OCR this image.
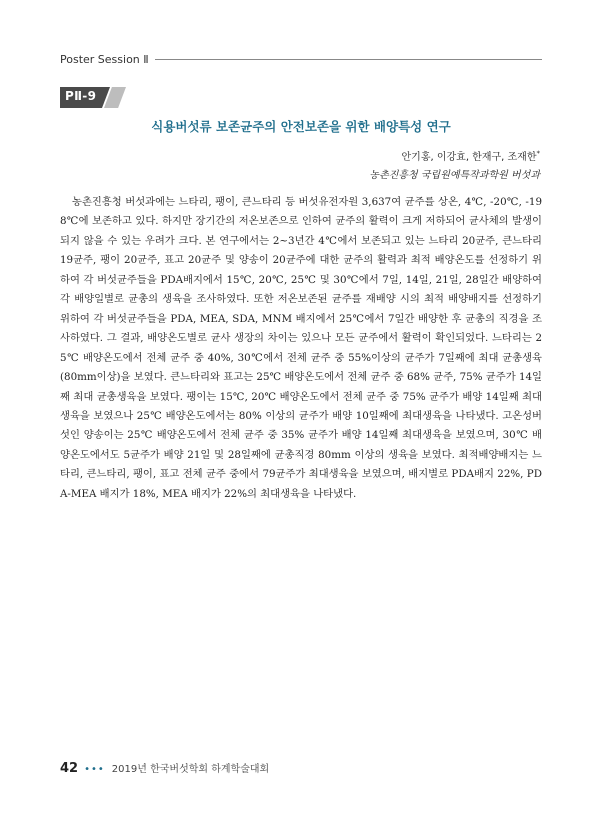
Poster Session Ⅱ
PⅡ-9
식용버섯류 보존균주의 안전보존을 위한 배양특성 연구
안기홍, 이강효, 한재구, 조재한*
농촌진흥청 국립원예특작과학원 버섯과

농촌진흥청 버섯과에는 느타리, 팽이, 큰느타리 등 버섯유전자원 3,637여 균주를 상온, 4℃, -20℃, -198℃에 보존하고 있다. 하지만 장기간의 저온보존으로 인하여 균주의 활력이 크게 저하되어 균사체의 발생이 되지 않을 수 있는 우려가 크다. 본 연구에서는 2~3년간 4℃에서 보존되고 있는 느타리 20균주, 큰느타리 19균주, 팽이 20균주, 표고 20균주 및 양송이 20균주에 대한 균주의 활력과 최적 배양온도를 선정하기 위하여 각 버섯균주들을 PDA배지에서 15℃, 20℃, 25℃ 및 30℃에서 7일, 14일, 21일, 28일간 배양하여 각 배양일별로 균총의 생육을 조사하였다. 또한 저온보존된 균주를 재배양 시의 최적 배양배지를 선정하기 위하여 각 버섯균주들을 PDA, MEA, SDA, MNM 배지에서 25℃에서 7일간 배양한 후 균총의 직경을 조사하였다. 그 결과, 배양온도별로 균사 생장의 차이는 있으나 모든 균주에서 활력이 확인되었다. 느타리는 25℃ 배양온도에서 전체 균주 중 40%, 30℃에서 전체 균주 중 55%이상의 균주가 7일째에 최대 균총생육(80mm이상)을 보였다. 큰느타리와 표고는 25℃ 배양온도에서 전체 균주 중 68% 균주, 75% 균주가 14일째 최대 균총생육을 보였다. 팽이는 15℃, 20℃ 배양온도에서 전체 균주 중 75% 균주가 배양 14일째 최대생육을 보였으나 25℃ 배양온도에서는 80% 이상의 균주가 배양 10일째에 최대생육을 나타냈다. 고온성버섯인 양송이는 25℃ 배양온도에서 전체 균주 중 35% 균주가 배양 14일째 최대생육을 보였으며, 30℃ 배양온도에서도 5균주가 배양 21일 및 28일째에 균총직경 80mm 이상의 생육을 보였다. 최적배양배지는 느타리, 큰느타리, 팽이, 표고 전체 균주 중에서 79균주가 최대생육을 보였으며, 배지별로 PDA배지 22%, PDA-MEA 배지가 18%, MEA 배지가 22%의 최대생육을 나타냈다.

42 ••• 2019년 한국버섯학회 하계학술대회
